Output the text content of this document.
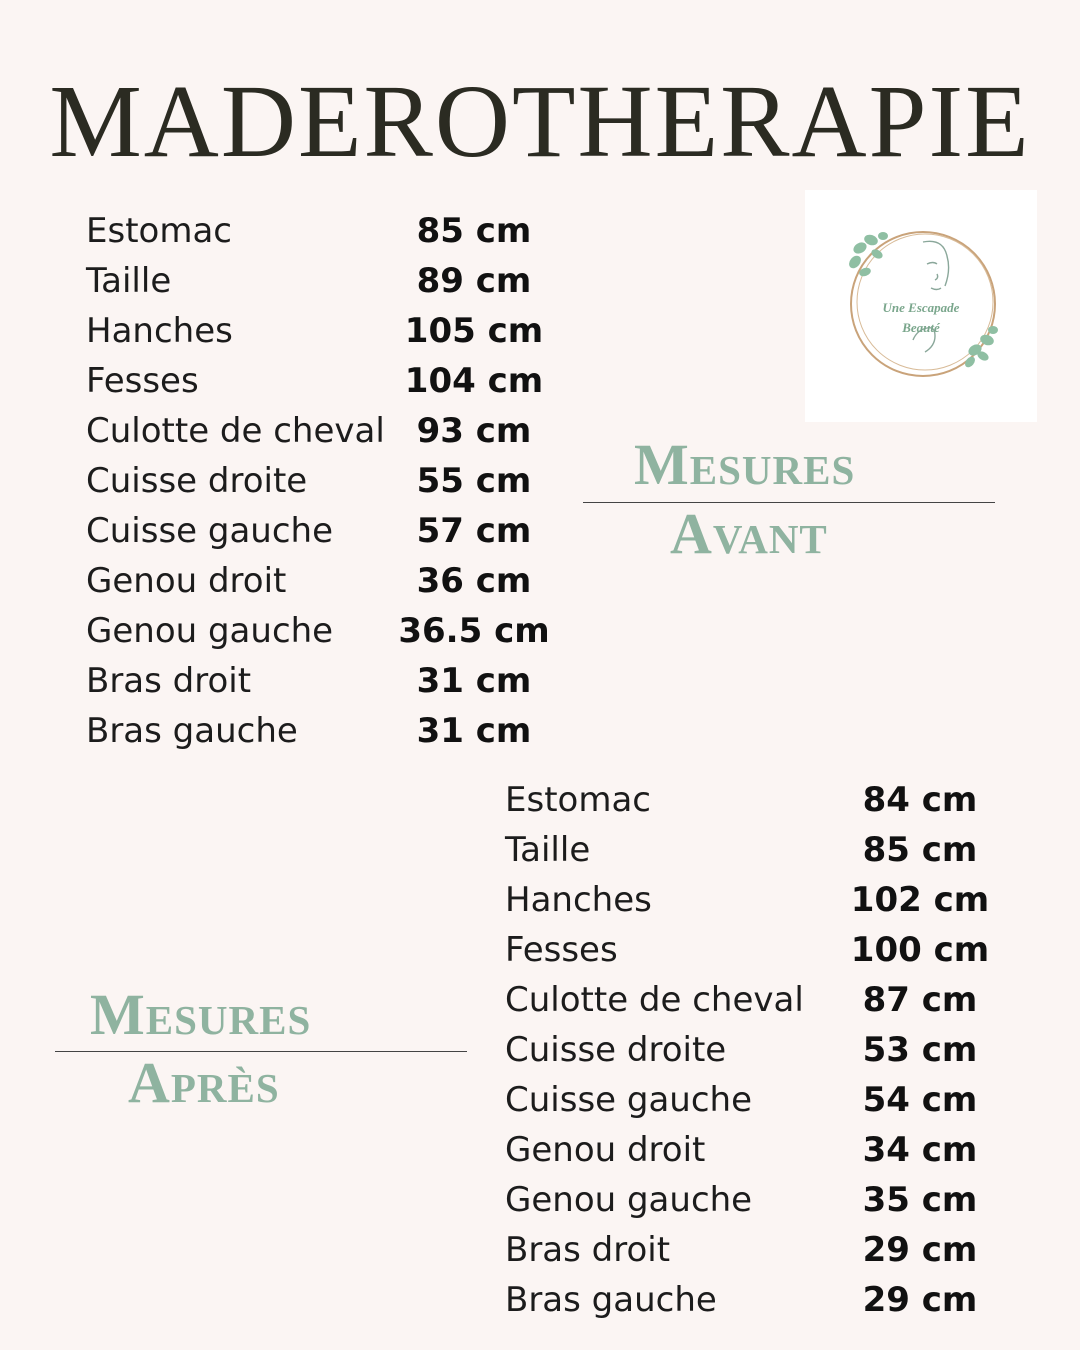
MADEROTHERAPIE
Estomac	85 cm
Taille	89 cm
Hanches	105 cm
Fesses	104 cm
Culotte de cheval 93 cm
Cuisse droite	55 cm
Cuisse gauche	57 cm
Genou droit	36 cm
Genou gauche	36.5 cm
Bras droit	31 cm
Bras gauche	31 cm
Une Escapade
Beauté
Mesures
Avant
Mesures
Après
Estomac	84 cm
Taille	85 cm
Hanches	102 cm
Fesses	100 cm
Culotte de cheval	87 cm
Cuisse droite	53 cm
Cuisse gauche	54 cm
Genou droit	34 cm
Genou gauche	35 cm
Bras droit	29 cm
Bras gauche	29 cm
